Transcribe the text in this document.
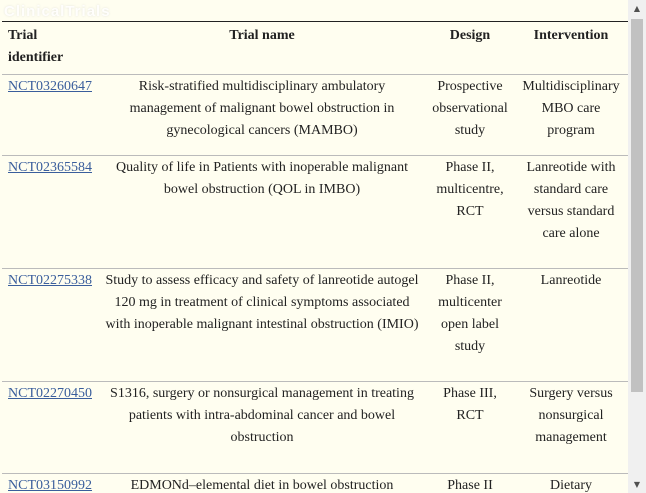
ClinicalTrials
Trial identifier	Trial name	Design	Intervention
NCT03260647	Risk-stratified multidisciplinary ambulatory management of malignant bowel obstruction in gynecological cancers (MAMBO)	Prospective observational study	Multidisciplinary MBO care program
NCT02365584	Quality of life in Patients with inoperable malignant bowel obstruction (QOL in IMBO)	Phase II, multicentre, RCT	Lanreotide with standard care versus standard care alone
NCT02275338	Study to assess efficacy and safety of lanreotide autogel 120 mg in treatment of clinical symptoms associated with inoperable malignant intestinal obstruction (IMIO)	Phase II, multicenter open label study	Lanreotide
NCT02270450	S1316, surgery or nonsurgical management in treating patients with intra-abdominal cancer and bowel obstruction	Phase III, RCT	Surgery versus nonsurgical management
NCT03150992	EDMONd–elemental diet in bowel obstruction	Phase II	Dietary
▲
▼
